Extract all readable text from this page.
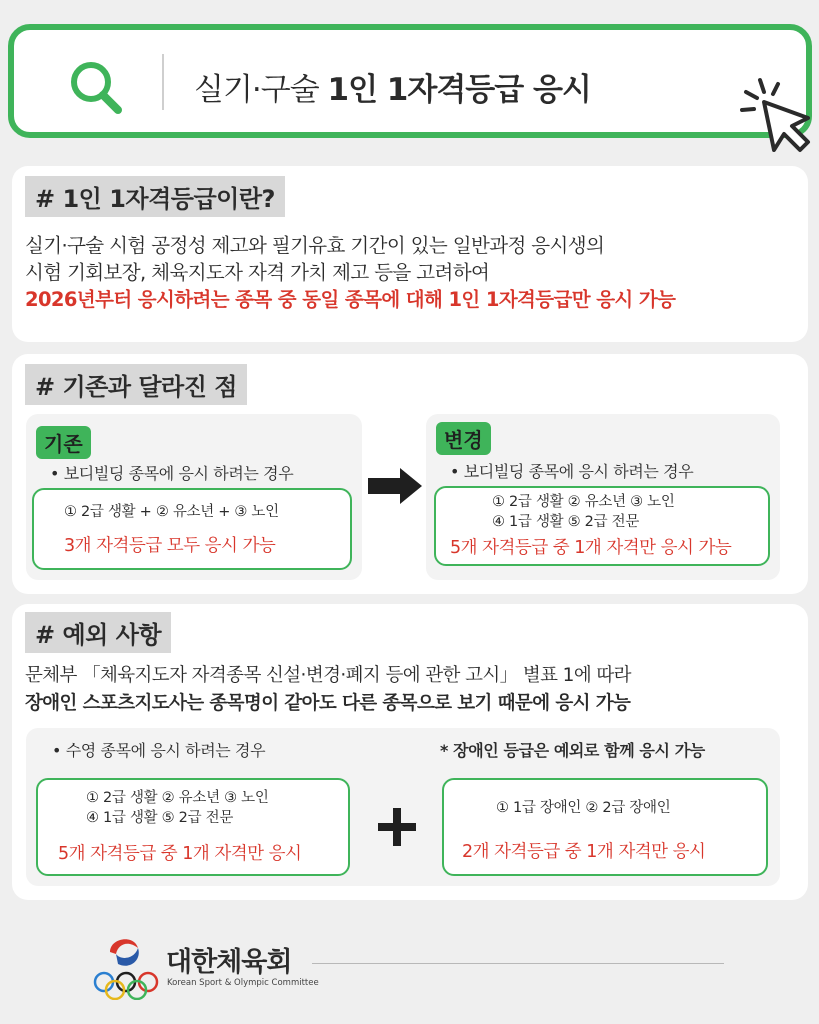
실기·구술 1인 1자격등급 응시
# 1인 1자격등급이란?
실기·구술 시험 공정성 제고와 필기유효 기간이 있는 일반과정 응시생의
시험 기회보장, 체육지도자 자격 가치 제고 등을 고려하여
2026년부터 응시하려는 종목 중 동일 종목에 대해 1인 1자격등급만 응시 가능
# 기존과 달라진 점
기존
• 보디빌딩 종목에 응시 하려는 경우
① 2급 생활 + ② 유소년 + ③ 노인
3개 자격등급 모두 응시 가능
변경
• 보디빌딩 종목에 응시 하려는 경우
① 2급 생활 ② 유소년 ③ 노인
④ 1급 생활 ⑤ 2급 전문
5개 자격등급 중 1개 자격만 응시 가능
# 예외 사항
문체부 「체육지도자 자격종목 신설·변경·폐지 등에 관한 고시」 별표 1에 따라
장애인 스포츠지도사는 종목명이 같아도 다른 종목으로 보기 때문에 응시 가능
• 수영 종목에 응시 하려는 경우	* 장애인 등급은 예외로 함께 응시 가능
① 2급 생활 ② 유소년 ③ 노인
④ 1급 생활 ⑤ 2급 전문
5개 자격등급 중 1개 자격만 응시
① 1급 장애인 ② 2급 장애인
2개 자격등급 중 1개 자격만 응시
대한체육회
Korean Sport & Olympic Committee
